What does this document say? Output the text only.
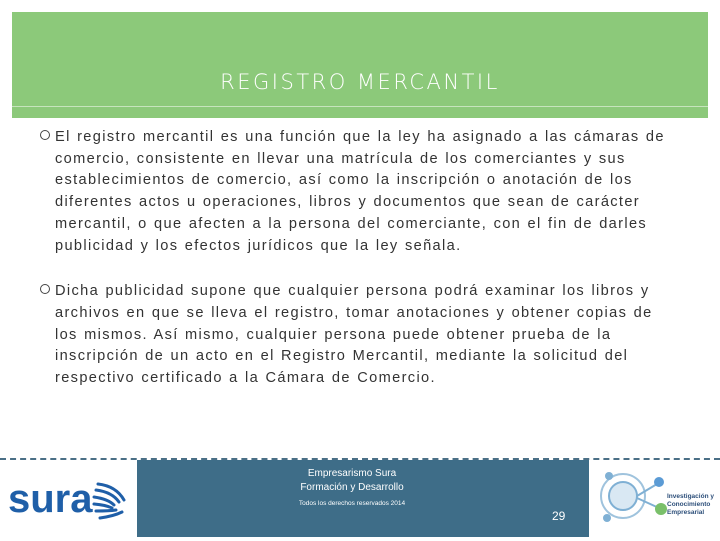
REGISTRO MERCANTIL
El registro mercantil es una función que la ley ha asignado a las cámaras de comercio, consistente en llevar una matrícula de los comerciantes y sus establecimientos de comercio, así como la inscripción o anotación de los diferentes actos u operaciones, libros y documentos que sean de carácter mercantil, o que afecten a la persona del comerciante, con el fin de darles publicidad y los efectos jurídicos que la ley señala.
Dicha publicidad supone que cualquier persona podrá examinar los libros y archivos en que se lleva el registro, tomar anotaciones y obtener copias de los mismos. Así mismo, cualquier persona puede obtener prueba de la inscripción de un acto en el Registro Mercantil, mediante la solicitud del respectivo certificado a la Cámara de Comercio.
sura
Empresarismo Sura
Formación y Desarrollo
Todos los derechos reservados 2014
29
Investigación y
Conocimiento
Empresarial
